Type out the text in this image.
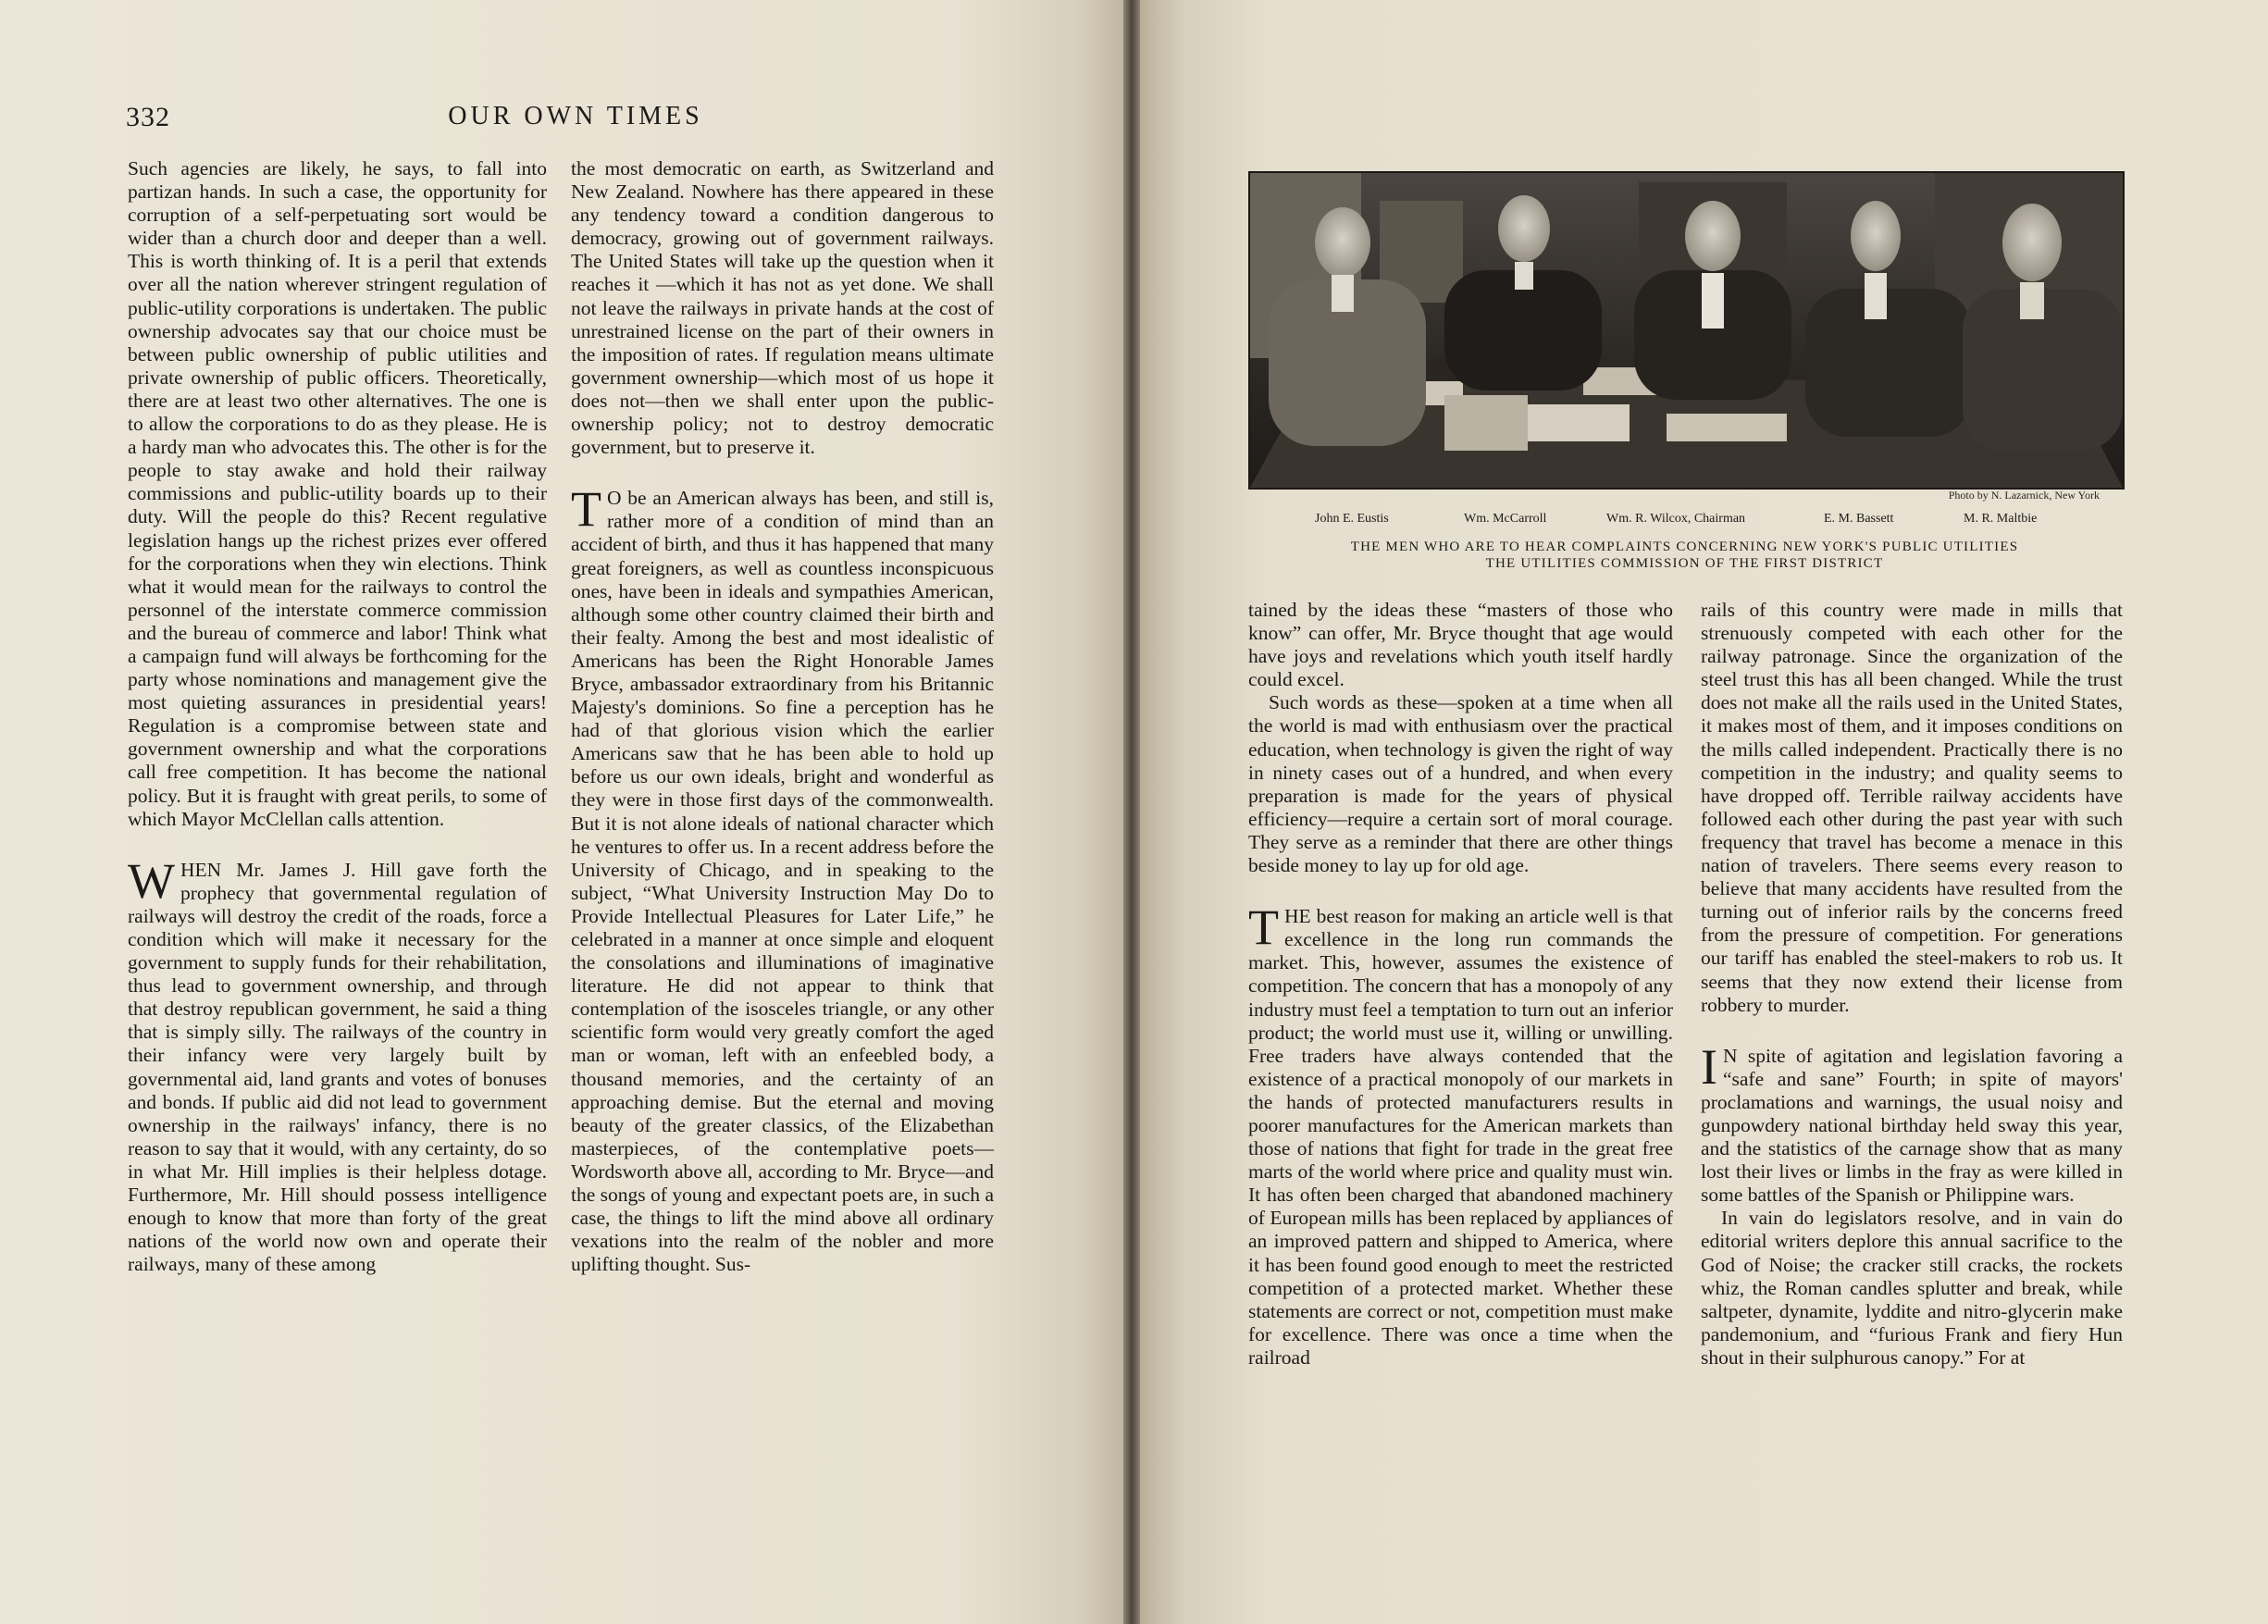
332	OUR OWN TIMES

Such agencies are likely, he says, to fall into partizan hands. In such a case, the opportunity for corruption of a self-perpetuating sort would be wider than a church door and deeper than a well. This is worth thinking of. It is a peril that extends over all the nation wherever stringent regulation of public-utility corporations is undertaken. The public ownership advocates say that our choice must be between public ownership of public utilities and private ownership of public officers. Theoretically, there are at least two other alternatives. The one is to allow the corporations to do as they please. He is a hardy man who advocates this. The other is for the people to stay awake and hold their railway commissions and public-utility boards up to their duty. Will the people do this? Recent regulative legislation hangs up the richest prizes ever offered for the corporations when they win elections. Think what it would mean for the railways to control the personnel of the interstate commerce commission and the bureau of commerce and labor! Think what a campaign fund will always be forthcoming for the party whose nominations and management give the most quieting assurances in presidential years! Regulation is a compromise between state and government ownership and what the corporations call free competition. It has become the national policy. But it is fraught with great perils, to some of which Mayor McClellan calls attention.

WHEN Mr. James J. Hill gave forth the prophecy that governmental regulation of railways will destroy the credit of the roads, force a condition which will make it necessary for the government to supply funds for their rehabilitation, thus lead to government ownership, and through that destroy republican government, he said a thing that is simply silly. The railways of the country in their infancy were very largely built by governmental aid, land grants and votes of bonuses and bonds. If public aid did not lead to government ownership in the railways' infancy, there is no reason to say that it would, with any certainty, do so in what Mr. Hill implies is their helpless dotage. Furthermore, Mr. Hill should possess intelligence enough to know that more than forty of the great nations of the world now own and operate their railways, many of these among

the most democratic on earth, as Switzerland and New Zealand. Nowhere has there appeared in these any tendency toward a condition dangerous to democracy, growing out of government railways. The United States will take up the question when it reaches it —which it has not as yet done. We shall not leave the railways in private hands at the cost of unrestrained license on the part of their owners in the imposition of rates. If regulation means ultimate government ownership—which most of us hope it does not—then we shall enter upon the public-ownership policy; not to destroy democratic government, but to preserve it.

T O be an American always has been, and still is, rather more of a condition of mind than an accident of birth, and thus it has happened that many great foreigners, as well as countless inconspicuous ones, have been in ideals and sympathies American, although some other country claimed their birth and their fealty. Among the best and most idealistic of Americans has been the Right Honorable James Bryce, ambassador extraordinary from his Britannic Majesty's dominions. So fine a perception has he had of that glorious vision which the earlier Americans saw that he has been able to hold up before us our own ideals, bright and wonderful as they were in those first days of the commonwealth. But it is not alone ideals of national character which he ventures to offer us. In a recent address before the University of Chicago, and in speaking to the subject, “What University Instruction May Do to Provide Intellectual Pleasures for Later Life,” he celebrated in a manner at once simple and eloquent the consolations and illuminations of imaginative literature. He did not appear to think that contemplation of the isosceles triangle, or any other scientific form would very greatly comfort the aged man or woman, left with an enfeebled body, a thousand memories, and the certainty of an approaching demise. But the eternal and moving beauty of the greater classics, of the Elizabethan masterpieces, of the contemplative poets—Wordsworth above all, according to Mr. Bryce—and the songs of young and expectant poets are, in such a case, the things to lift the mind above all ordinary vexations into the realm of the nobler and more uplifting thought. Sus-

Photo by N. Lazarnick, New York
John E. Eustis	Wm. McCarroll	Wm. R. Wilcox, Chairman	E. M. Bassett	M. R. Maltbie
THE MEN WHO ARE TO HEAR COMPLAINTS CONCERNING NEW YORK'S PUBLIC UTILITIES
THE UTILITIES COMMISSION OF THE FIRST DISTRICT

tained by the ideas these “masters of those who know” can offer, Mr. Bryce thought that age would have joys and revelations which youth itself hardly could excel.

Such words as these—spoken at a time when all the world is mad with enthusiasm over the practical education, when technology is given the right of way in ninety cases out of a hundred, and when every preparation is made for the years of physical efficiency—require a certain sort of moral courage. They serve as a reminder that there are other things beside money to lay up for old age.

THE best reason for making an article well is that excellence in the long run commands the market. This, however, assumes the existence of competition. The concern that has a monopoly of any industry must feel a temptation to turn out an inferior product; the world must use it, willing or unwilling. Free traders have always contended that the existence of a practical monopoly of our markets in the hands of protected manufacturers results in poorer manufactures for the American markets than those of nations that fight for trade in the great free marts of the world where price and quality must win. It has often been charged that abandoned machinery of European mills has been replaced by appliances of an improved pattern and shipped to America, where it has been found good enough to meet the restricted competition of a protected market. Whether these statements are correct or not, competition must make for excellence. There was once a time when the railroad

rails of this country were made in mills that strenuously competed with each other for the railway patronage. Since the organization of the steel trust this has all been changed. While the trust does not make all the rails used in the United States, it makes most of them, and it imposes conditions on the mills called independent. Practically there is no competition in the industry; and quality seems to have dropped off. Terrible railway accidents have followed each other during the past year with such frequency that travel has become a menace in this nation of travelers. There seems every reason to believe that many accidents have resulted from the turning out of inferior rails by the concerns freed from the pressure of competition. For generations our tariff has enabled the steel-makers to rob us. It seems that they now extend their license from robbery to murder.

I N spite of agitation and legislation favoring a “safe and sane” Fourth; in spite of mayors' proclamations and warnings, the usual noisy and gunpowdery national birthday held sway this year, and the statistics of the carnage show that as many lost their lives or limbs in the fray as were killed in some battles of the Spanish or Philippine wars.

In vain do legislators resolve, and in vain do editorial writers deplore this annual sacrifice to the God of Noise; the cracker still cracks, the rockets whiz, the Roman candles splutter and break, while saltpeter, dynamite, lyddite and nitro-glycerin make pandemonium, and “furious Frank and fiery Hun shout in their sulphurous canopy.” For at
